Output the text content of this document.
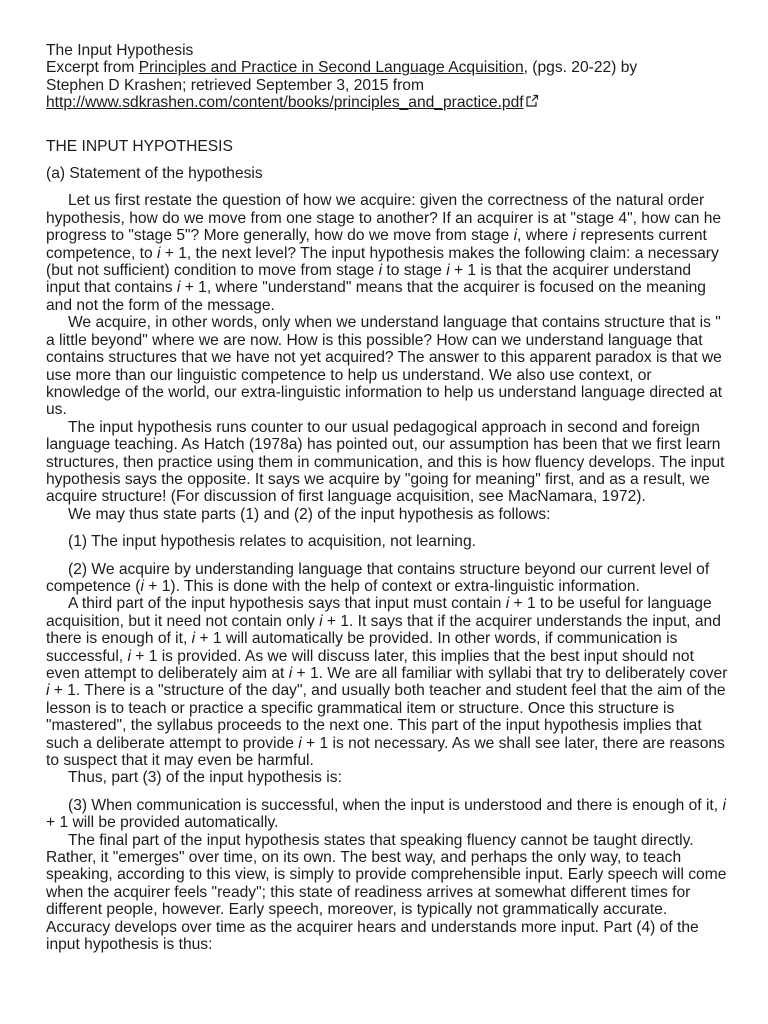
The Input Hypothesis

Excerpt from Principles and Practice in Second Language Acquisition, (pgs. 20-22) by

Stephen D Krashen; retrieved September 3, 2015 from

http://www.sdkrashen.com/content/books/principles_and_practice.pdf

THE INPUT HYPOTHESIS

(a) Statement of the hypothesis

Let us first restate the question of how we acquire: given the correctness of the natural order hypothesis, how do we move from one stage to another? If an acquirer is at "stage 4", how can he progress to "stage 5"? More generally, how do we move from stage i, where i represents current competence, to i + 1, the next level? The input hypothesis makes the following claim: a necessary (but not sufficient) condition to move from stage i to stage i + 1 is that the acquirer understand input that contains i + 1, where "understand" means that the acquirer is focused on the meaning and not the form of the message.

We acquire, in other words, only when we understand language that contains structure that is " a little beyond" where we are now. How is this possible? How can we understand language that contains structures that we have not yet acquired? The answer to this apparent paradox is that we use more than our linguistic competence to help us understand. We also use context, or knowledge of the world, our extra-linguistic information to help us understand language directed at us.

The input hypothesis runs counter to our usual pedagogical approach in second and foreign language teaching. As Hatch (1978a) has pointed out, our assumption has been that we first learn structures, then practice using them in communication, and this is how fluency develops. The input hypothesis says the opposite. It says we acquire by "going for meaning" first, and as a result, we acquire structure! (For discussion of first language acquisition, see MacNamara, 1972).

We may thus state parts (1) and (2) of the input hypothesis as follows:

(1) The input hypothesis relates to acquisition, not learning.

(2) We acquire by understanding language that contains structure beyond our current level of competence (i + 1). This is done with the help of context or extra-linguistic information.

A third part of the input hypothesis says that input must contain i + 1 to be useful for language acquisition, but it need not contain only i + 1. It says that if the acquirer understands the input, and there is enough of it, i + 1 will automatically be provided. In other words, if communication is successful, i + 1 is provided. As we will discuss later, this implies that the best input should not even attempt to deliberately aim at i + 1. We are all familiar with syllabi that try to deliberately cover i + 1. There is a "structure of the day", and usually both teacher and student feel that the aim of the lesson is to teach or practice a specific grammatical item or structure. Once this structure is "mastered", the syllabus proceeds to the next one. This part of the input hypothesis implies that such a deliberate attempt to provide i + 1 is not necessary. As we shall see later, there are reasons to suspect that it may even be harmful.

Thus, part (3) of the input hypothesis is:

(3) When communication is successful, when the input is understood and there is enough of it, i + 1 will be provided automatically.

The final part of the input hypothesis states that speaking fluency cannot be taught directly. Rather, it "emerges" over time, on its own. The best way, and perhaps the only way, to teach speaking, according to this view, is simply to provide comprehensible input. Early speech will come when the acquirer feels "ready"; this state of readiness arrives at somewhat different times for different people, however. Early speech, moreover, is typically not grammatically accurate. Accuracy develops over time as the acquirer hears and understands more input. Part (4) of the input hypothesis is thus:
